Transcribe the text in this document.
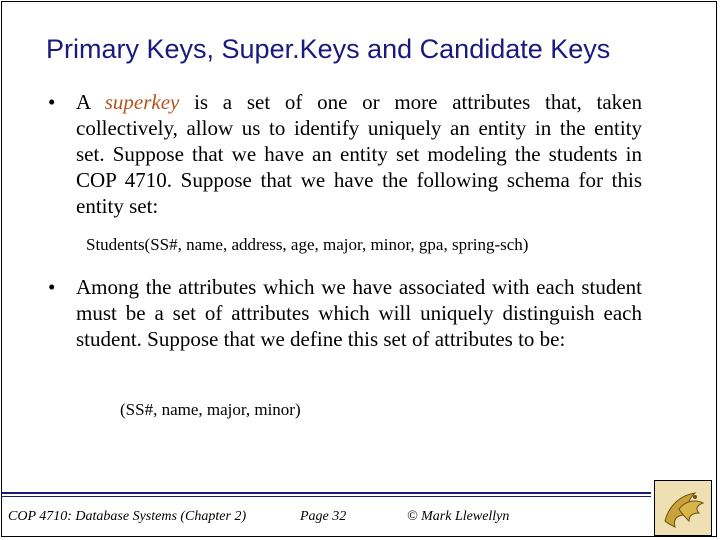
Primary Keys, Super.Keys and Candidate Keys
• A superkey is a set of one or more attributes that, taken collectively, allow us to identify uniquely an entity in the entity set. Suppose that we have an entity set modeling the students in COP 4710. Suppose that we have the following schema for this entity set:
Students(SS#, name, address, age, major, minor, gpa, spring-sch)
• Among the attributes which we have associated with each student must be a set of attributes which will uniquely distinguish each student. Suppose that we define this set of attributes to be:
(SS#, name, major, minor)
COP 4710: Database Systems (Chapter 2)	Page 32	© Mark Llewellyn
